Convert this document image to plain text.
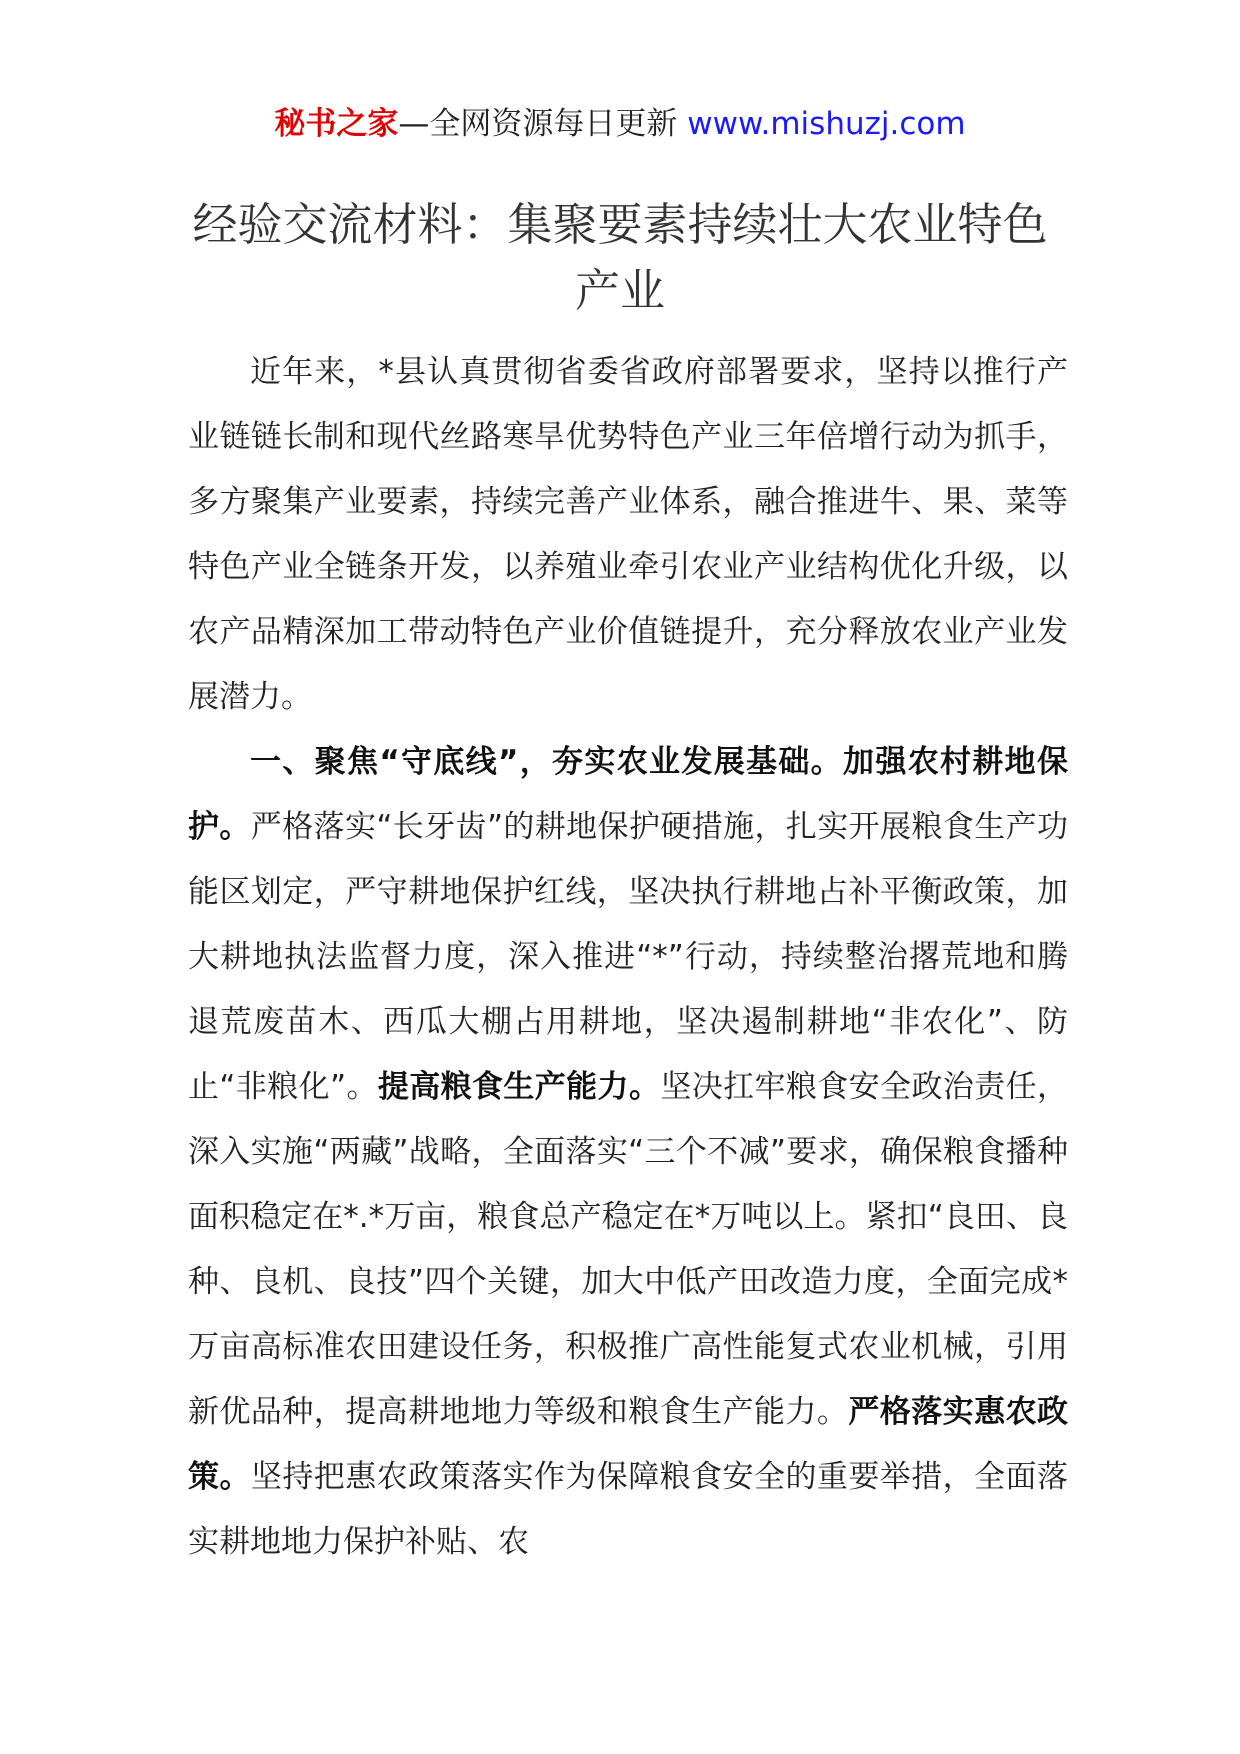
秘书之家—全网资源每日更新 www.mishuzj.com
经验交流材料：集聚要素持续壮大农业特色产业

近年来，*县认真贯彻省委省政府部署要求，坚持以推行产业链链长制和现代丝路寒旱优势特色产业三年倍增行动为抓手，多方聚集产业要素，持续完善产业体系，融合推进牛、果、菜等特色产业全链条开发，以养殖业牵引农业产业结构优化升级，以农产品精深加工带动特色产业价值链提升，充分释放农业产业发展潜力。

一、聚焦“守底线”，夯实农业发展基础。加强农村耕地保护。严格落实“长牙齿”的耕地保护硬措施，扎实开展粮食生产功能区划定，严守耕地保护红线，坚决执行耕地占补平衡政策，加大耕地执法监督力度，深入推进“*”行动，持续整治撂荒地和腾退荒废苗木、西瓜大棚占用耕地，坚决遏制耕地“非农化”、防止“非粮化”。提高粮食生产能力。坚决扛牢粮食安全政治责任，深入实施“两藏”战略，全面落实“三个不减”要求，确保粮食播种面积稳定在*.*万亩，粮食总产稳定在*万吨以上。紧扣“良田、良种、良机、良技”四个关键，加大中低产田改造力度，全面完成*万亩高标准农田建设任务，积极推广高性能复式农业机械，引用新优品种，提高耕地地力等级和粮食生产能力。严格落实惠农政策。坚持把惠农政策落实作为保障粮食安全的重要举措，全面落实耕地地力保护补贴、农
